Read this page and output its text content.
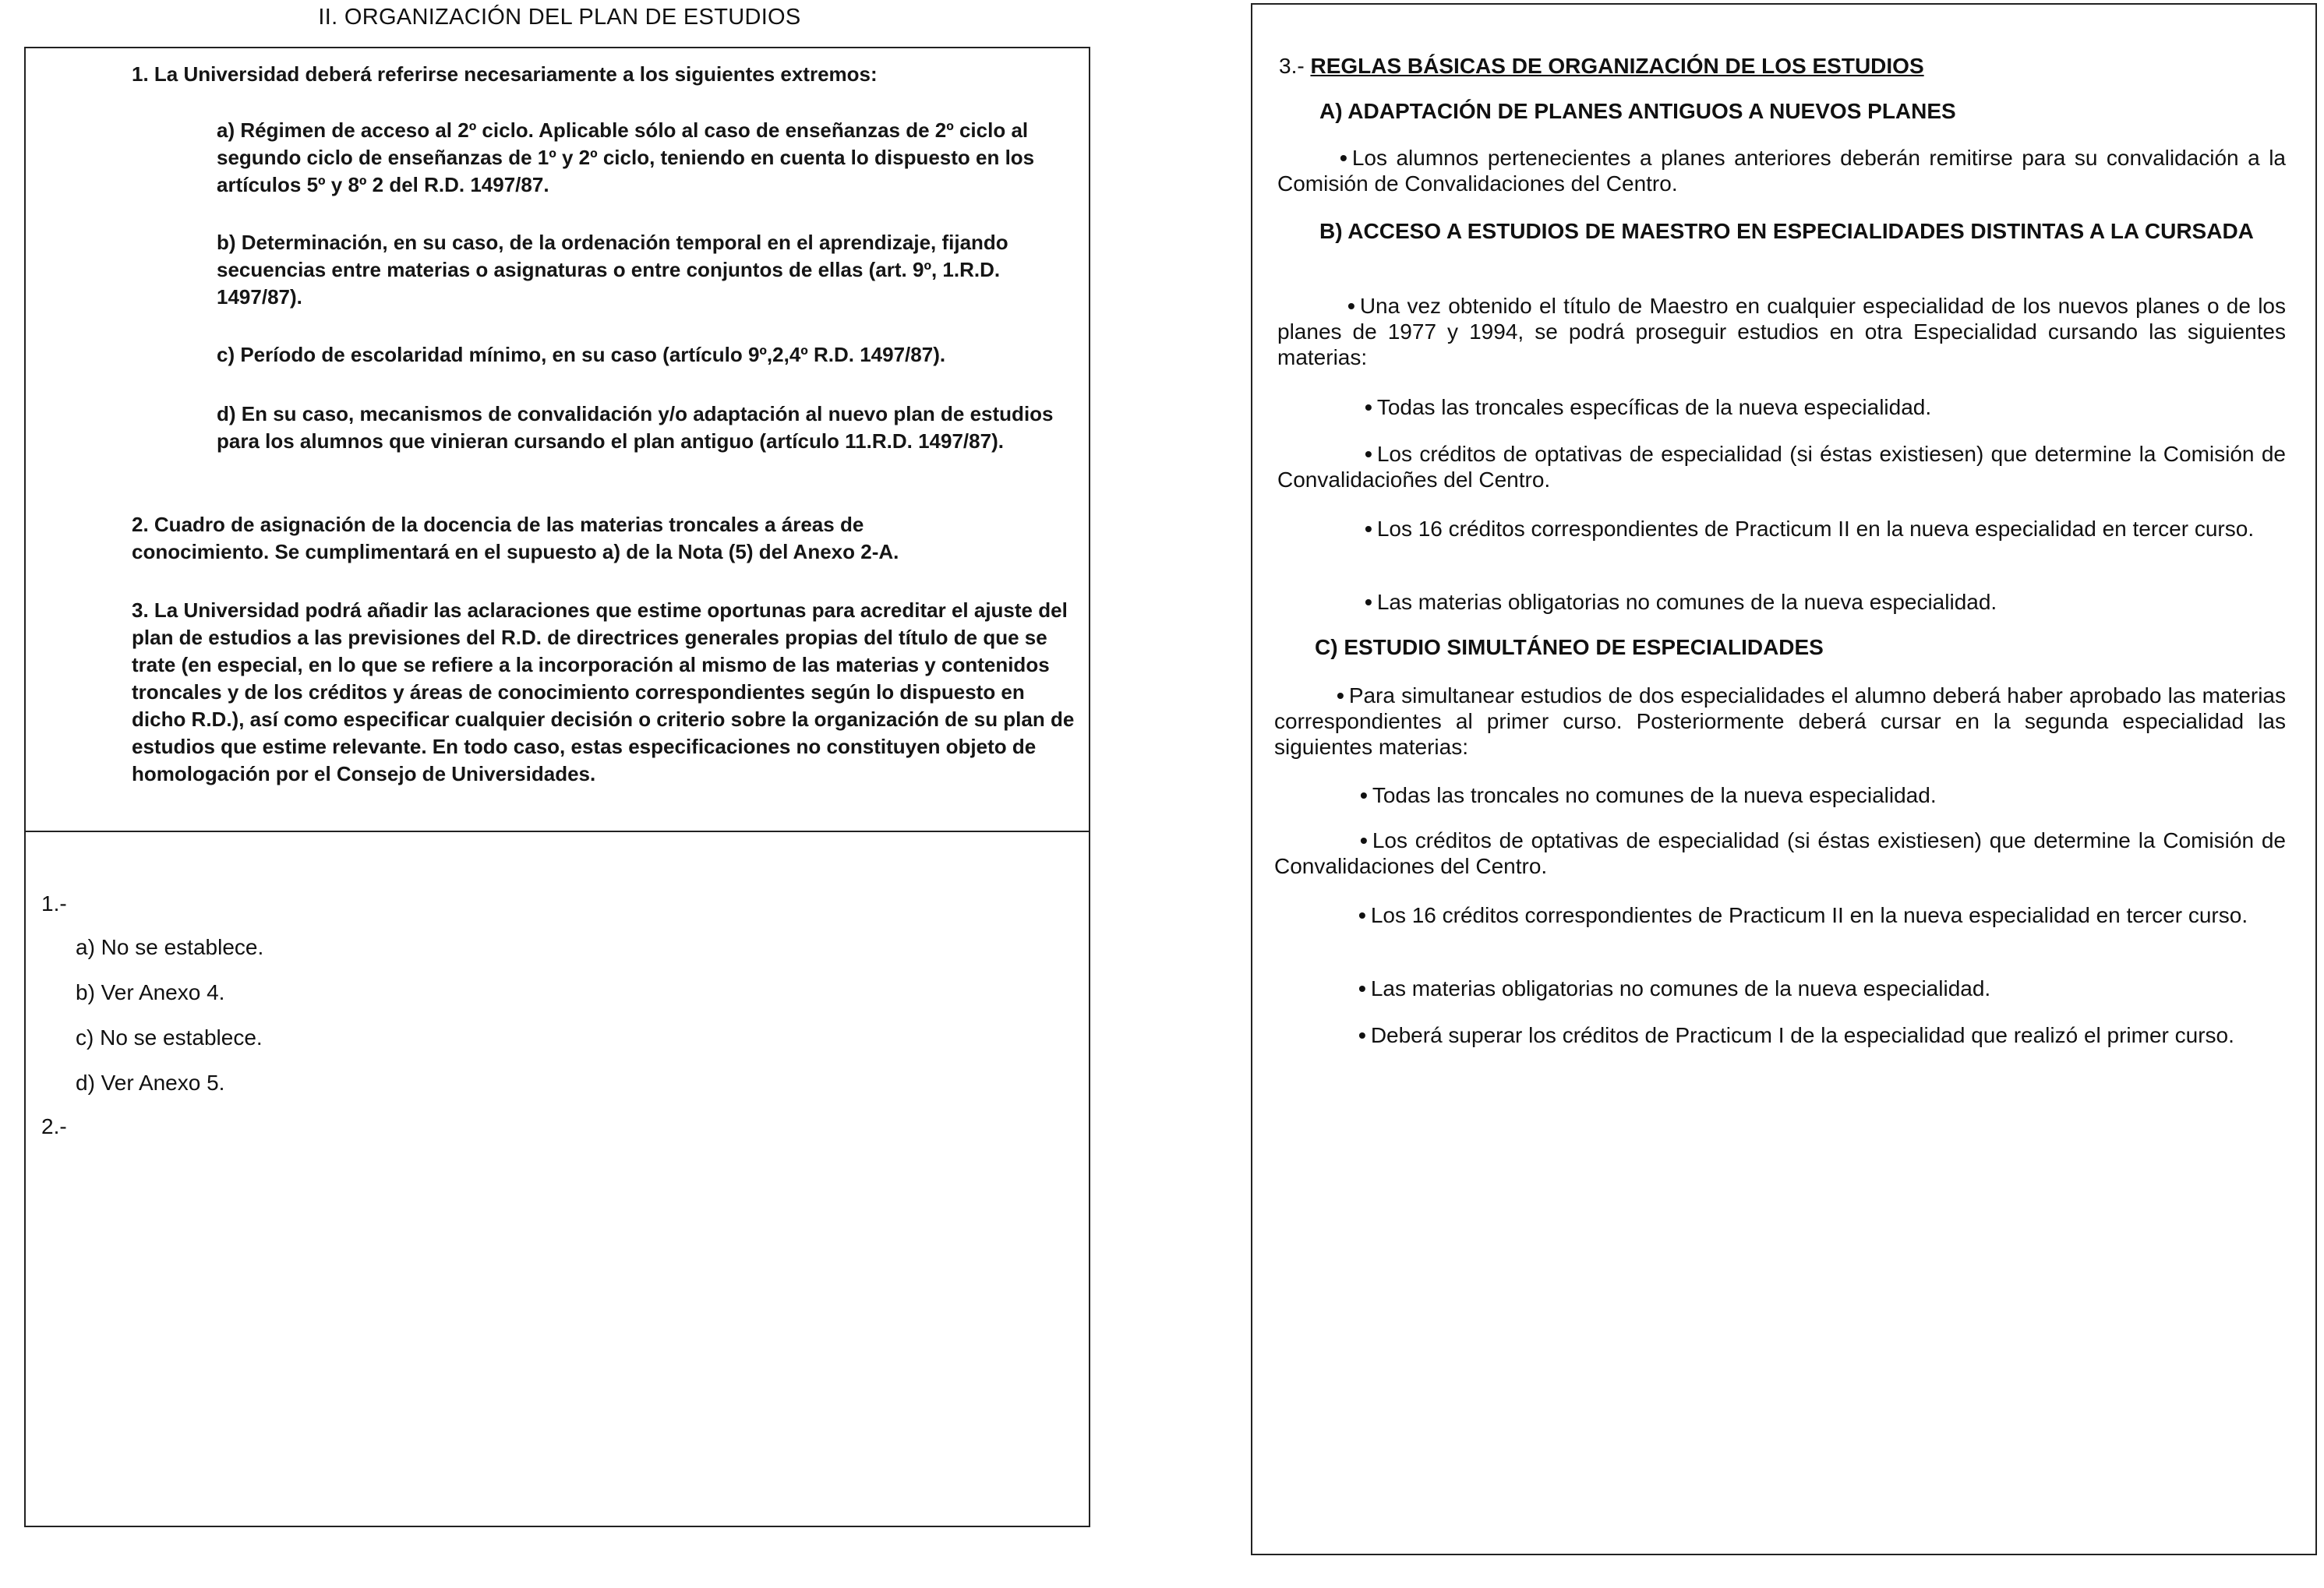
II. ORGANIZACIÓN DEL PLAN DE ESTUDIOS

1. La Universidad deberá referirse necesariamente a los siguientes extremos:

a) Régimen de acceso al 2º ciclo. Aplicable sólo al caso de enseñanzas de 2º ciclo al segundo ciclo de enseñanzas de 1º y 2º ciclo, teniendo en cuenta lo dispuesto en los artículos 5º y 8º 2 del R.D. 1497/87.

b) Determinación, en su caso, de la ordenación temporal en el aprendizaje, fijando secuencias entre materias o asignaturas o entre conjuntos de ellas (art. 9º, 1.R.D. 1497/87).

c) Período de escolaridad mínimo, en su caso (artículo 9º,2,4º R.D. 1497/87).

d) En su caso, mecanismos de convalidación y/o adaptación al nuevo plan de estudios para los alumnos que vinieran cursando el plan antiguo (artículo 11.R.D. 1497/87).

2. Cuadro de asignación de la docencia de las materias troncales a áreas de conocimiento. Se cumplimentará en el supuesto a) de la Nota (5) del Anexo 2-A.

3. La Universidad podrá añadir las aclaraciones que estime oportunas para acreditar el ajuste del plan de estudios a las previsiones del R.D. de directrices generales propias del título de que se trate (en especial, en lo que se refiere a la incorporación al mismo de las materias y contenidos troncales y de los créditos y áreas de conocimiento correspondientes según lo dispuesto en dicho R.D.), así como especificar cualquier decisión o criterio sobre la organización de su plan de estudios que estime relevante. En todo caso, estas especificaciones no constituyen objeto de homologación por el Consejo de Universidades.

1.-

a) No se establece.

b) Ver Anexo 4.

c) No se establece.

d) Ver Anexo 5.

2.-

3.- REGLAS BÁSICAS DE ORGANIZACIÓN DE LOS ESTUDIOS

A) ADAPTACIÓN DE PLANES ANTIGUOS A NUEVOS PLANES

• Los alumnos pertenecientes a planes anteriores deberán remitirse para su convalidación a la Comisión de Convalidaciones del Centro.

B) ACCESO A ESTUDIOS DE MAESTRO EN ESPECIALIDADES DISTINTAS A LA CURSADA

• Una vez obtenido el título de Maestro en cualquier especialidad de los nuevos planes o de los planes de 1977 y 1994, se podrá proseguir estudios en otra Especialidad cursando las siguientes materias:

• Todas las troncales específicas de la nueva especialidad.

• Los créditos de optativas de especialidad (si éstas existiesen) que determine la Comisión de Convalidacioñes del Centro.

• Los 16 créditos correspondientes de Practicum II en la nueva especialidad en tercer curso.

• Las materias obligatorias no comunes de la nueva especialidad.

C) ESTUDIO SIMULTÁNEO DE ESPECIALIDADES

• Para simultanear estudios de dos especialidades el alumno deberá haber aprobado las materias correspondientes al primer curso. Posteriormente deberá cursar en la segunda especialidad las siguientes materias:

• Todas las troncales no comunes de la nueva especialidad.

• Los créditos de optativas de especialidad (si éstas existiesen) que determine la Comisión de Convalidaciones del Centro.

• Los 16 créditos correspondientes de Practicum II en la nueva especialidad en tercer curso.

• Las materias obligatorias no comunes de la nueva especialidad.

• Deberá superar los créditos de Practicum I de la especialidad que realizó el primer curso.
